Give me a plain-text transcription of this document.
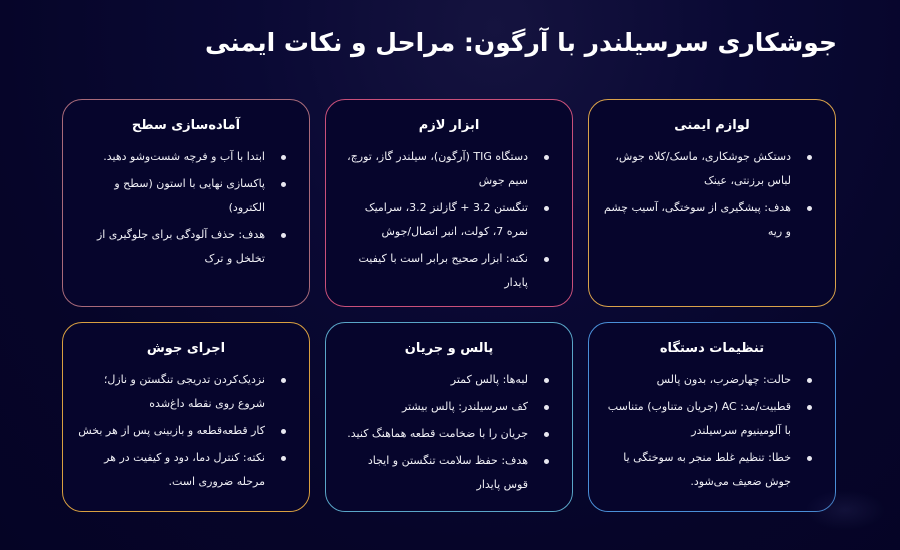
جوشکاری سرسیلندر با آرگون: مراحل و نکات ایمنی
لوازم ایمنی
دستکش جوشکاری، ماسک/کلاه جوش، لباس برزنتی، عینک
هدف: پیشگیری از سوختگی، آسیب چشم و ریه
ابزار لازم
دستگاه TIG (آرگون)، سیلندر گاز، تورچ، سیم جوش
تنگستن 3.2 + گازلنز 3.2، سرامیک نمره 7، کولت، انبر اتصال/جوش
نکته: ابزار صحیح برابر است با کیفیت پایدار
آماده‌سازی سطح
ابتدا با آب و فرچه شست‌وشو دهید.
پاکسازی نهایی با استون (سطح و الکترود)
هدف: حذف آلودگی برای جلوگیری از تخلخل و ترک
تنظیمات دستگاه
حالت: چهارضرب، بدون پالس
قطبیت/مد: AC (جریان متناوب) متناسب با آلومینیوم سرسیلندر
خطا: تنظیم غلط منجر به سوختگی یا جوش ضعیف می‌شود.
پالس و جریان
لبه‌ها: پالس کمتر
کف سرسیلندر: پالس بیشتر
جریان را با ضخامت قطعه هماهنگ کنید.
هدف: حفظ سلامت تنگستن و ایجاد قوس پایدار
اجرای جوش
نزدیک‌کردن تدریجی تنگستن و نازل؛ شروع روی نقطه داغ‌شده
کار قطعه‌قطعه و بازبینی پس از هر بخش
نکته: کنترل دما، دود و کیفیت در هر مرحله ضروری است.
